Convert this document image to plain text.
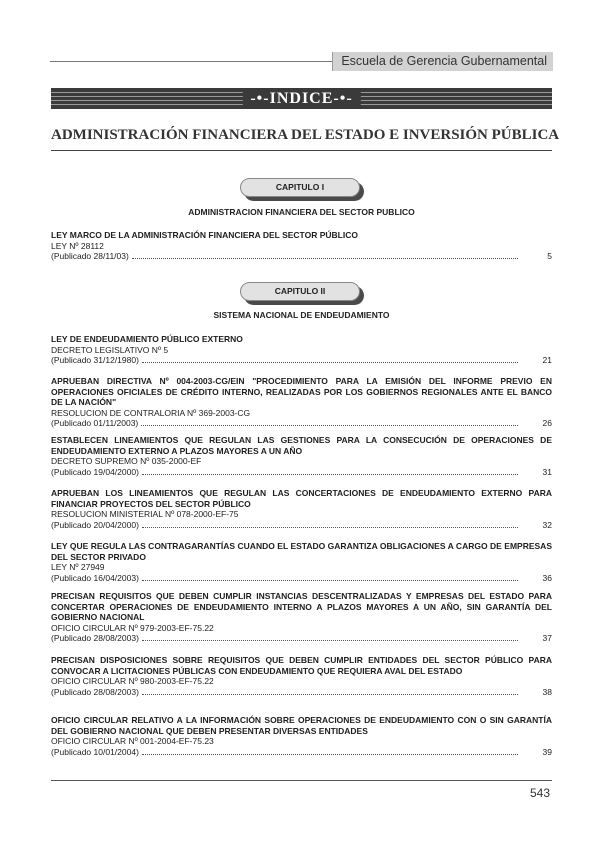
Escuela de Gerencia Gubernamental
-•-INDICE-•-
ADMINISTRACIÓN FINANCIERA DEL ESTADO E INVERSIÓN PÚBLICA
CAPITULO I
ADMINISTRACION FINANCIERA DEL SECTOR PUBLICO
LEY MARCO DE LA ADMINISTRACIÓN FINANCIERA DEL SECTOR PÚBLICO
LEY Nº 28112
(Publicado 28/11/03)	5
CAPITULO II
SISTEMA NACIONAL DE ENDEUDAMIENTO
LEY DE ENDEUDAMIENTO PÚBLICO EXTERNO
DECRETO LEGISLATIVO Nº 5
(Publicado 31/12/1980)	21
APRUEBAN DIRECTIVA Nº 004-2003-CG/EIN "PROCEDIMIENTO PARA LA EMISIÓN DEL INFORME PREVIO EN OPERACIONES OFICIALES DE CRÉDITO INTERNO, REALIZADAS POR LOS GOBIERNOS REGIONALES ANTE EL BANCO DE LA NACIÓN"
RESOLUCION DE CONTRALORIA Nº 369-2003-CG
(Publicado 01/11/2003)	26
ESTABLECEN LINEAMIENTOS QUE REGULAN LAS GESTIONES PARA LA CONSECUCIÓN DE OPERACIONES DE ENDEUDAMIENTO EXTERNO A PLAZOS MAYORES A UN AÑO
DECRETO SUPREMO Nº 035-2000-EF
(Publicado 19/04/2000)	31
APRUEBAN LOS LINEAMIENTOS QUE REGULAN LAS CONCERTACIONES DE ENDEUDAMIENTO EXTERNO PARA FINANCIAR PROYECTOS DEL SECTOR PÚBLICO
RESOLUCION MINISTERIAL Nº 078-2000-EF-75
(Publicado 20/04/2000)	32
LEY QUE REGULA LAS CONTRAGARANTÍAS CUANDO EL ESTADO GARANTIZA OBLIGACIONES A CARGO DE EMPRESAS DEL SECTOR PRIVADO
LEY Nº 27949
(Publicado 16/04/2003)	36
PRECISAN REQUISITOS QUE DEBEN CUMPLIR INSTANCIAS DESCENTRALIZADAS Y EMPRESAS DEL ESTADO PARA CONCERTAR OPERACIONES DE ENDEUDAMIENTO INTERNO A PLAZOS MAYORES A UN AÑO, SIN GARANTÍA DEL GOBIERNO NACIONAL
OFICIO CIRCULAR Nº 979-2003-EF-75.22
(Publicado 28/08/2003)	37
PRECISAN DISPOSICIONES SOBRE REQUISITOS QUE DEBEN CUMPLIR ENTIDADES DEL SECTOR PÚBLICO PARA CONVOCAR A LICITACIONES PÚBLICAS CON ENDEUDAMIENTO QUE REQUIERA AVAL DEL ESTADO
OFICIO CIRCULAR Nº 980-2003-EF-75.22
(Publicado 28/08/2003)	38
OFICIO CIRCULAR RELATIVO A LA INFORMACIÓN SOBRE OPERACIONES DE ENDEUDAMIENTO CON O SIN GARANTÍA DEL GOBIERNO NACIONAL QUE DEBEN PRESENTAR DIVERSAS ENTIDADES
OFICIO CIRCULAR Nº 001-2004-EF-75.23
(Publicado 10/01/2004)	39
543
